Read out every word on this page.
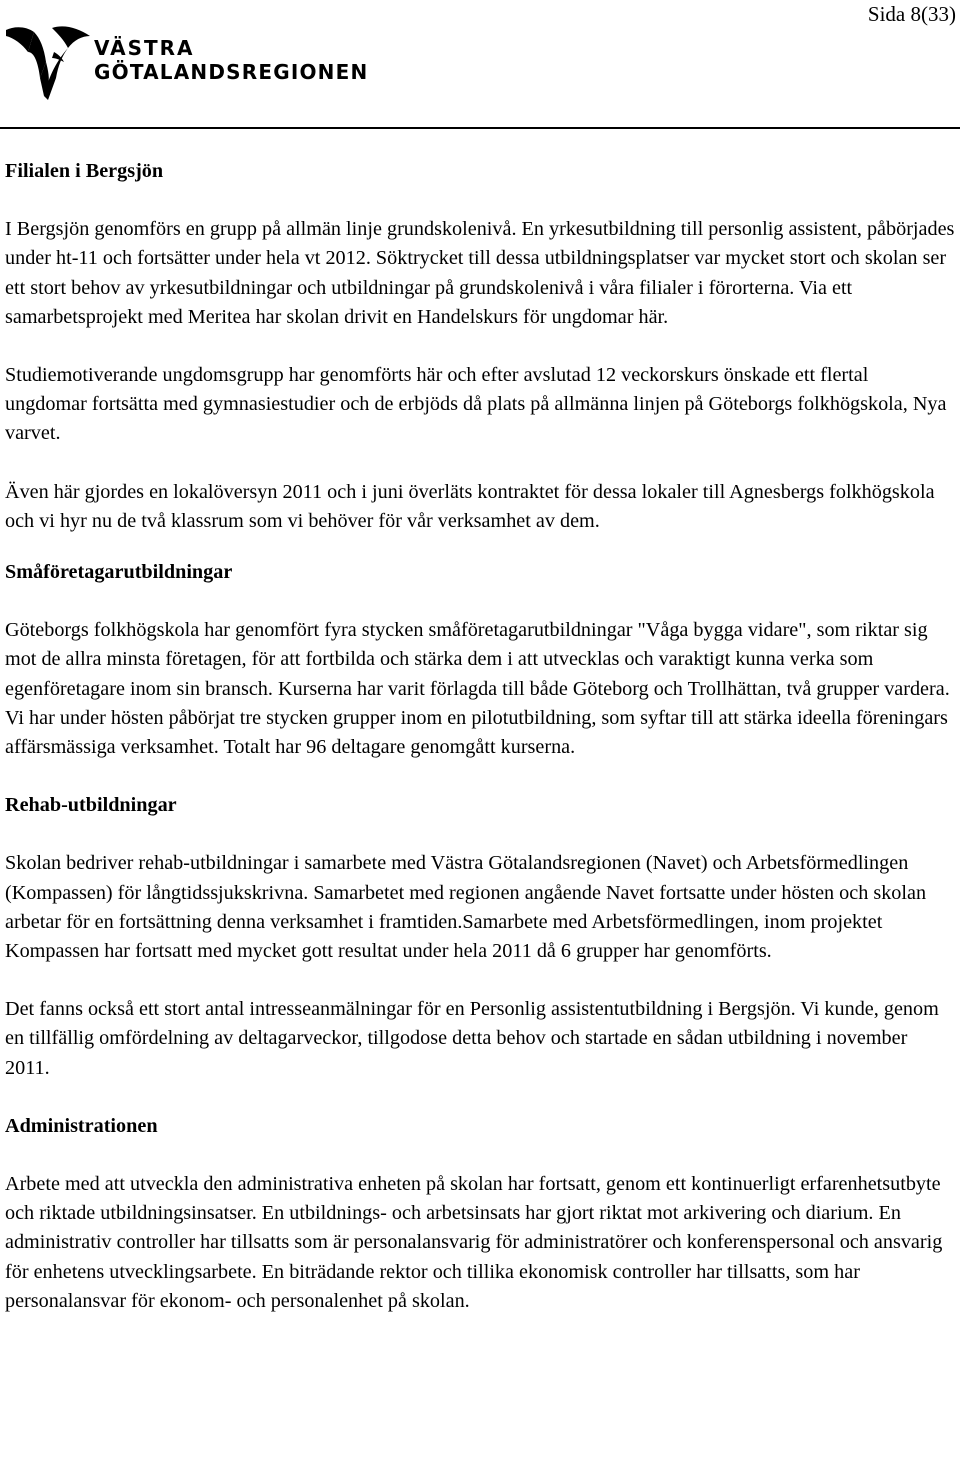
Sida 8(33)
VÄSTRA
GÖTALANDSREGIONEN
Filialen i Bergsjön

I Bergsjön genomförs en grupp på allmän linje grundskolenivå. En yrkesutbildning till personlig assistent, påbörjades under ht-11 och fortsätter under hela vt 2012. Söktrycket till dessa utbildningsplatser var mycket stort och skolan ser ett stort behov av yrkesutbildningar och utbildningar på grundskolenivå i våra filialer i förorterna. Via ett samarbetsprojekt med Meritea har skolan drivit en Handelskurs för ungdomar här.

Studiemotiverande ungdomsgrupp har genomförts här och efter avslutad 12 veckorskurs önskade ett flertal ungdomar fortsätta med gymnasiestudier och de erbjöds då plats på allmänna linjen på Göteborgs folkhögskola, Nya varvet.

Även här gjordes en lokalöversyn 2011 och i juni överläts kontraktet för dessa lokaler till Agnesbergs folkhögskola och vi hyr nu de två klassrum som vi behöver för vår verksamhet av dem.

Småföretagarutbildningar

Göteborgs folkhögskola har genomfört fyra stycken småföretagarutbildningar "Våga bygga vidare", som riktar sig mot de allra minsta företagen, för att fortbilda och stärka dem i att utvecklas och varaktigt kunna verka som egenföretagare inom sin bransch. Kurserna har varit förlagda till både Göteborg och Trollhättan, två grupper vardera. Vi har under hösten påbörjat tre stycken grupper inom en pilotutbildning, som syftar till att stärka ideella föreningars affärsmässiga verksamhet. Totalt har 96 deltagare genomgått kurserna.

Rehab-utbildningar

Skolan bedriver rehab-utbildningar i samarbete med Västra Götalandsregionen (Navet) och Arbetsförmedlingen (Kompassen) för långtidssjukskrivna. Samarbetet med regionen angående Navet fortsatte under hösten och skolan arbetar för en fortsättning denna verksamhet i framtiden.Samarbete med Arbetsförmedlingen, inom projektet Kompassen har fortsatt med mycket gott resultat under hela 2011 då 6 grupper har genomförts.

Det fanns också ett stort antal intresseanmälningar för en Personlig assistentutbildning i Bergsjön. Vi kunde, genom en tillfällig omfördelning av deltagarveckor, tillgodose detta behov och startade en sådan utbildning i november 2011.

Administrationen

Arbete med att utveckla den administrativa enheten på skolan har fortsatt, genom ett kontinuerligt erfarenhetsutbyte och riktade utbildningsinsatser. En utbildnings- och arbetsinsats har gjort riktat mot arkivering och diarium. En administrativ controller har tillsatts som är personalansvarig för administratörer och konferenspersonal och ansvarig för enhetens utvecklingsarbete. En biträdande rektor och tillika ekonomisk controller har tillsatts, som har personalansvar för ekonom- och personalenhet på skolan.
